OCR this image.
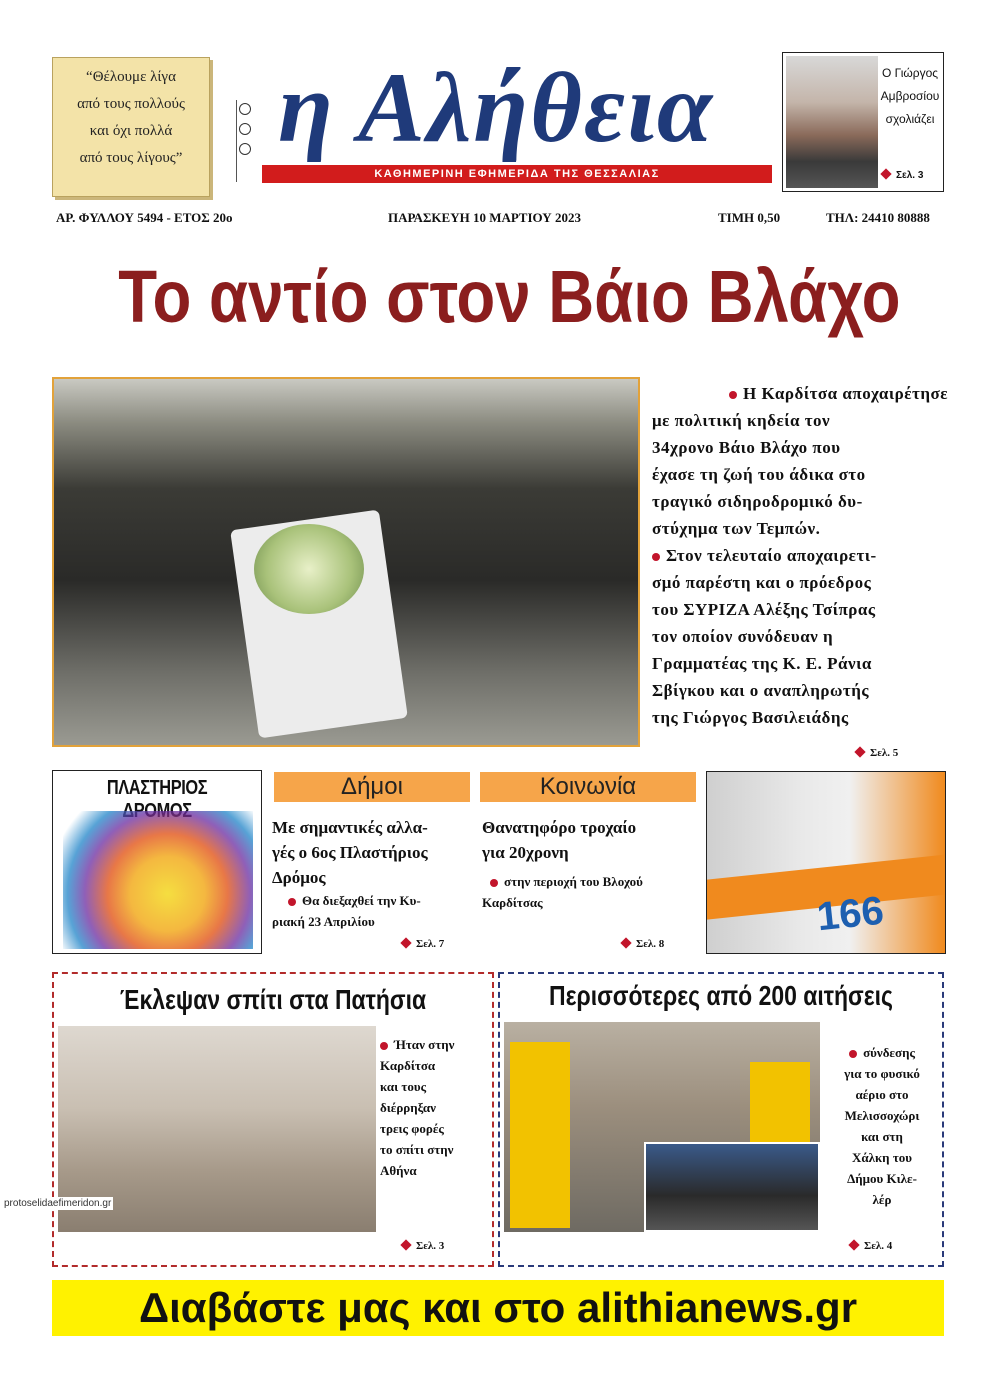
“Θέλουμε λίγα
από τους πολλούς
και όχι πολλά
από τους λίγους” η Αλήθεια
ΚΑΘΗΜΕΡΙΝΗ ΕΦΗΜΕΡΙΔΑ ΤΗΣ ΘΕΣΣΑΛΙΑΣ
Ο Γιώργος
Αμβροσίου
σχολιάζει
Σελ. 3
ΑΡ. ΦΥΛΛΟΥ 5494 - ΕΤΟΣ 20ο	ΠΑΡΑΣΚΕΥΗ 10 ΜΑΡΤΙΟΥ 2023	ΤΙΜΗ 0,50	ΤΗΛ: 24410 80888
Το αντίο στον Βάιο Βλάχο

Η Καρδίτσα αποχαιρέτησε

με πολιτική κηδεία τον

34χρονο Βάιο Βλάχο που

έχασε τη ζωή του άδικα στο

τραγικό σιδηροδρομικό δυ-

στύχημα των Τεμπών.

Στον τελευταίο αποχαιρετι-

σμό παρέστη και ο πρόεδρος

του ΣΥΡΙΖΑ Αλέξης Τσίπρας

τον οποίον συνόδευαν η

Γραμματέας της Κ. Ε. Ράνια

Σβίγκου και ο αναπληρωτής

της Γιώργος Βασιλειάδης

Σελ. 5
ΠΛΑΣΤΗΡΙΟΣ	Δήμοι
Με σημαντικές αλλα-
γές ο 6ος Πλαστήριος
Δρόμος
Θα διεξαχθεί την Κυ-
ριακή 23 Απριλίου
Σελ. 7
Κοινωνία
Θανατηφόρο τροχαίο
για 20χρονη
στην περιοχή του Βλοχού
Καρδίτσας
Σελ. 8
166
Έκλεψαν σπίτι στα Πατήσια
Ήταν στην
Καρδίτσα
και τους
διέρρηξαν
τρεις φορές
το σπίτι στην
Αθήνα
Σελ. 3
Περισσότερες από 200 αιτήσεις
σύνδεσης
για το φυσικό
αέριο στο
Μελισσοχώρι
και στη
Χάλκη του
Δήμου Κιλε-
λέρ
Σελ. 4
protoselidaefimeridon.gr
Διαβάστε μας και στο alithianews.gr
